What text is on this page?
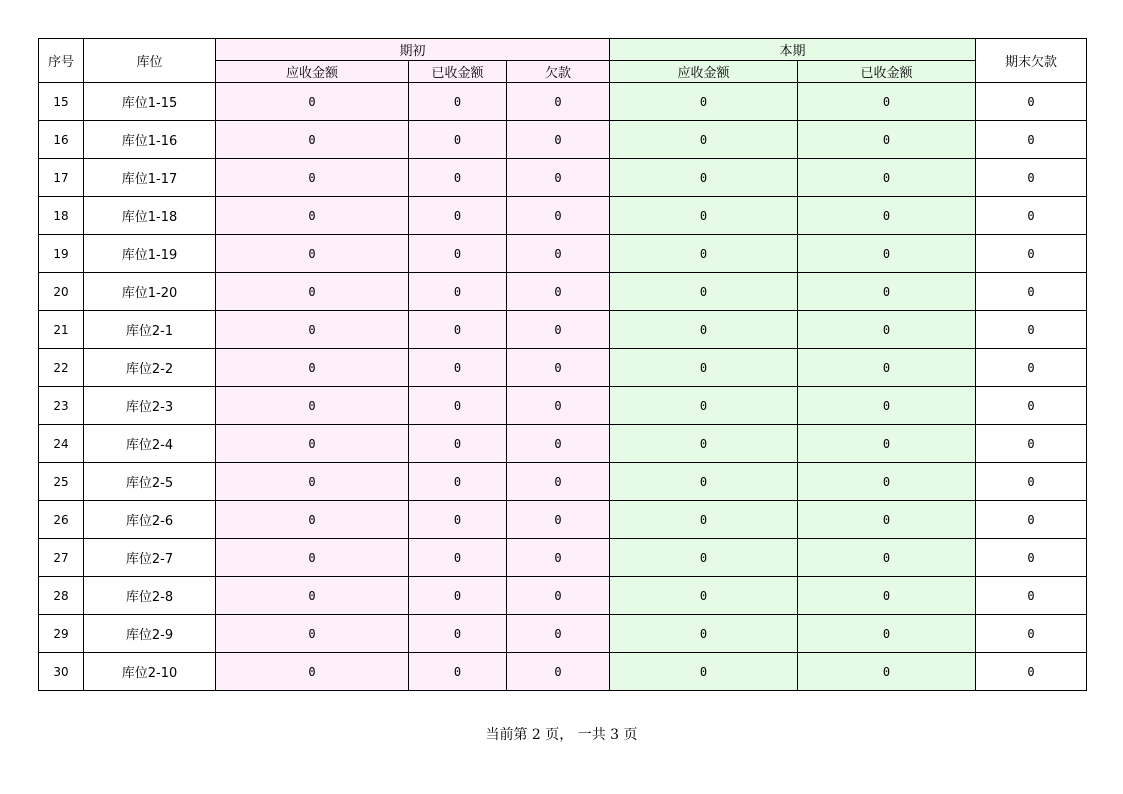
序号	库位	期初			本期		期末欠款
		应收金额	已收金额	欠款	应收金额	已收金额	
15	库位1-15	0	0	0	0	0	0
16	库位1-16	0	0	0	0	0	0
17	库位1-17	0	0	0	0	0	0
18	库位1-18	0	0	0	0	0	0
19	库位1-19	0	0	0	0	0	0
20	库位1-20	0	0	0	0	0	0
21	库位2-1	0	0	0	0	0	0
22	库位2-2	0	0	0	0	0	0
23	库位2-3	0	0	0	0	0	0
24	库位2-4	0	0	0	0	0	0
25	库位2-5	0	0	0	0	0	0
26	库位2-6	0	0	0	0	0	0
27	库位2-7	0	0	0	0	0	0
28	库位2-8	0	0	0	0	0	0
29	库位2-9	0	0	0	0	0	0
30	库位2-10	0	0	0	0	0	0
当前第 2 页， 一共 3 页
